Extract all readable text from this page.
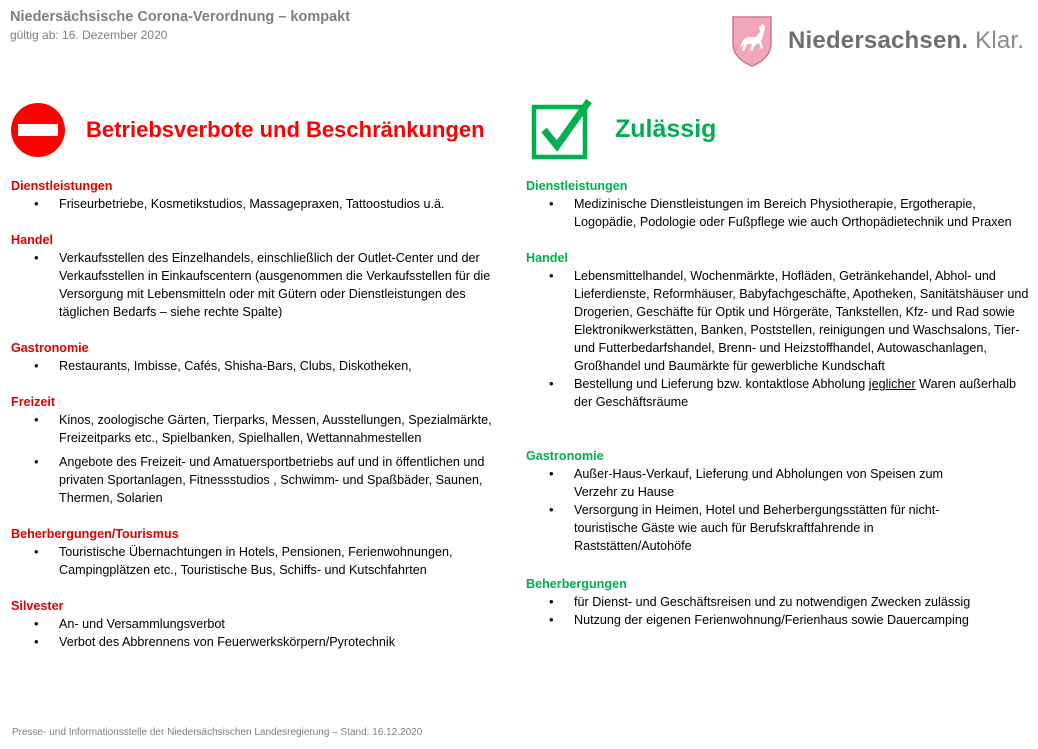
Niedersächsische Corona-Verordnung – kompakt
gültig ab: 16. Dezember 2020	Niedersachsen. Klar.
Betriebsverbote und Beschränkungen	Zulässig
Dienstleistungen
• Friseurbetriebe, Kosmetikstudios, Massagepraxen, Tattoostudios u.ä.
Handel
• Verkaufsstellen des Einzelhandels, einschließlich der Outlet-Center und der Verkaufsstellen in Einkaufscentern (ausgenommen die Verkaufsstellen für die Versorgung mit Lebensmitteln oder mit Gütern oder Dienstleistungen des täglichen Bedarfs – siehe rechte Spalte)
Gastronomie
• Restaurants, Imbisse, Cafés, Shisha-Bars, Clubs, Diskotheken,
Freizeit
• Kinos, zoologische Gärten, Tierparks, Messen, Ausstellungen, Spezialmärkte, Freizeitparks etc., Spielbanken, Spielhallen, Wettannahmestellen
• Angebote des Freizeit- und Amatuersportbetriebs auf und in öffentlichen und privaten Sportanlagen, Fitnessstudios , Schwimm- und Spaßbäder, Saunen, Thermen, Solarien
Beherbergungen/Tourismus
• Touristische Übernachtungen in Hotels, Pensionen, Ferienwohnungen, Campingplätzen etc., Touristische Bus, Schiffs- und Kutschfahrten
Silvester
• An- und Versammlungsverbot
• Verbot des Abbrennens von Feuerwerkskörpern/Pyrotechnik
Dienstleistungen
• Medizinische Dienstleistungen im Bereich Physiotherapie, Ergotherapie, Logopädie, Podologie oder Fußpflege wie auch Orthopädietechnik und Praxen
Handel
• Lebensmittelhandel, Wochenmärkte, Hofläden, Getränkehandel, Abhol- und Lieferdienste, Reformhäuser, Babyfachgeschäfte, Apotheken, Sanitätshäuser und Drogerien, Geschäfte für Optik und Hörgeräte, Tankstellen, Kfz- und Rad sowie Elektronikwerkstätten, Banken, Poststellen, reinigungen und Waschsalons, Tier- und Futterbedarfshandel, Brenn- und Heizstoffhandel, Autowaschanlagen, Großhandel und Baumärkte für gewerbliche Kundschaft
• Bestellung und Lieferung bzw. kontaktlose Abholung jeglicher Waren außerhalb der Geschäftsräume
Gastronomie
• Außer-Haus-Verkauf, Lieferung und Abholungen von Speisen zum Verzehr zu Hause
• Versorgung in Heimen, Hotel und Beherbergungsstätten für nicht-touristische Gäste wie auch für Berufskraftfahrende in Raststätten/Autohöfe
Beherbergungen
• für Dienst- und Geschäftsreisen und zu notwendigen Zwecken zulässig
• Nutzung der eigenen Ferienwohnung/Ferienhaus sowie Dauercamping
Presse- und Informationsstelle der Niedersächsischen Landesregierung – Stand: 16.12.2020
